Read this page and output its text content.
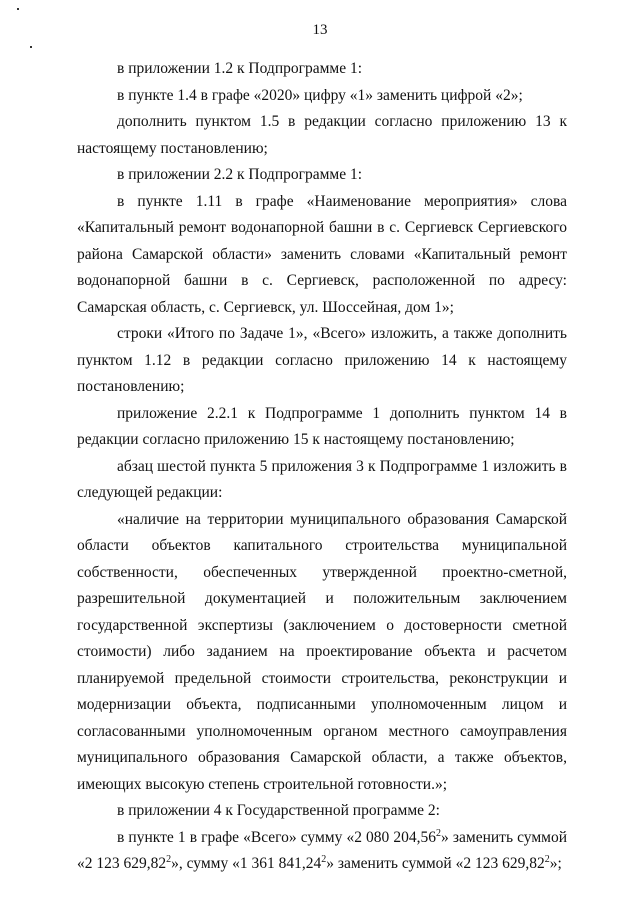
13

в приложении 1.2 к Подпрограмме 1:

в пункте 1.4 в графе «2020» цифру «1» заменить цифрой «2»;

дополнить пунктом 1.5 в редакции согласно приложению 13 к настоящему постановлению;

в приложении 2.2 к Подпрограмме 1:

в пункте 1.11 в графе «Наименование мероприятия» слова «Капитальный ремонт водонапорной башни в с. Сергиевск Сергиевского района Самарской области» заменить словами «Капитальный ремонт водонапорной башни в с. Сергиевск, расположенной по адресу: Самарская область, с. Сергиевск, ул. Шоссейная, дом 1»;

строки «Итого по Задаче 1», «Всего» изложить, а также дополнить пунктом 1.12 в редакции согласно приложению 14 к настоящему постановлению;

приложение 2.2.1 к Подпрограмме 1 дополнить пунктом 14 в редакции согласно приложению 15 к настоящему постановлению;

абзац шестой пункта 5 приложения 3 к Подпрограмме 1 изложить в следующей редакции:

«наличие на территории муниципального образования Самарской области объектов капитального строительства муниципальной собственности, обеспеченных утвержденной проектно-сметной, разрешительной документацией и положительным заключением государственной экспертизы (заключением о достоверности сметной стоимости) либо заданием на проектирование объекта и расчетом планируемой предельной стоимости строительства, реконструкции и модернизации объекта, подписанными уполномоченным лицом и согласованными уполномоченным органом местного самоуправления муниципального образования Самарской области, а также объектов, имеющих высокую степень строительной готовности.»;

в приложении 4 к Государственной программе 2:

в пункте 1 в графе «Всего» сумму «2 080 204,56$^2$» заменить суммой «2 123 629,82$^2$», сумму «1 361 841,24$^2$» заменить суммой «2 123 629,82$^2$»;
